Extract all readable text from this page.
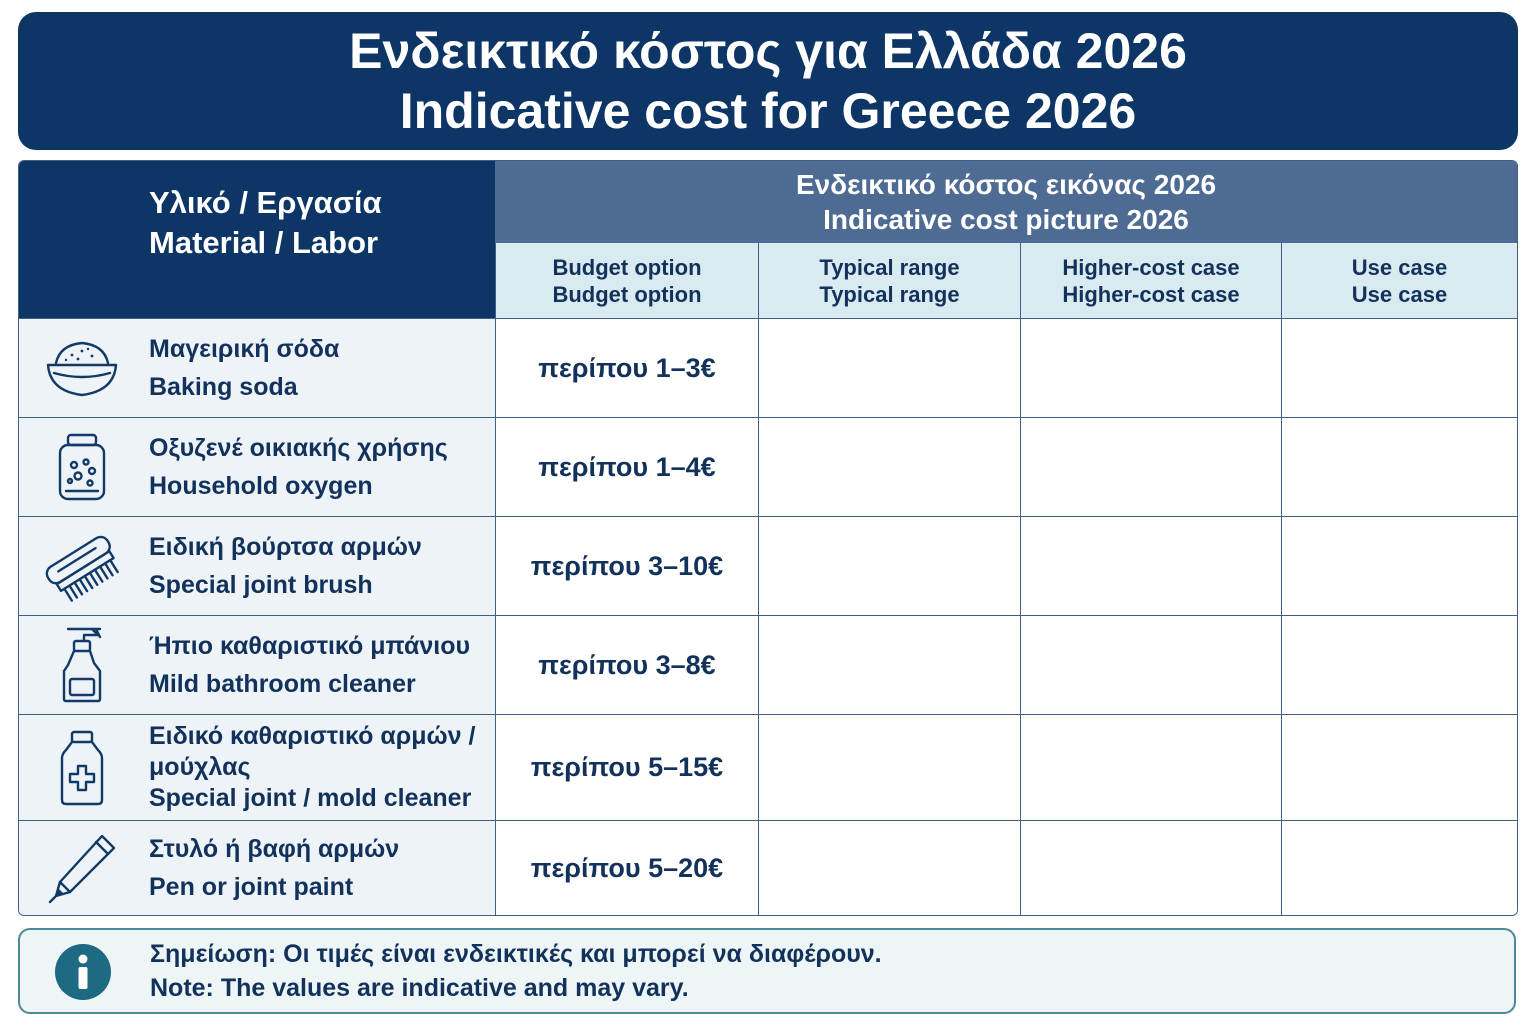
Ενδεικτικό κόστος για Ελλάδα 2026
Indicative cost for Greece 2026
Υλικό / Εργασία
Material / Labor
Ενδεικτικό κόστος εικόνας 2026
Indicative cost picture 2026
Budget option
Budget option
Typical range
Typical range
Higher-cost case
Higher-cost case
Use case
Use case
Μαγειρική σόδα
Baking soda
περίπου 1–3€
Οξυζενέ οικιακής χρήσης
Household oxygen
περίπου 1–4€
Ειδική βούρτσα αρμών
Special joint brush
περίπου 3–10€
Ήπιο καθαριστικό μπάνιου
Mild bathroom cleaner
περίπου 3–8€
Ειδικό καθαριστικό αρμών / μούχλας
Special joint / mold cleaner
περίπου 5–15€
Στυλό ή βαφή αρμών
Pen or joint paint
περίπου 5–20€
Σημείωση: Οι τιμές είναι ενδεικτικές και μπορεί να διαφέρουν.
Note: The values are indicative and may vary.
